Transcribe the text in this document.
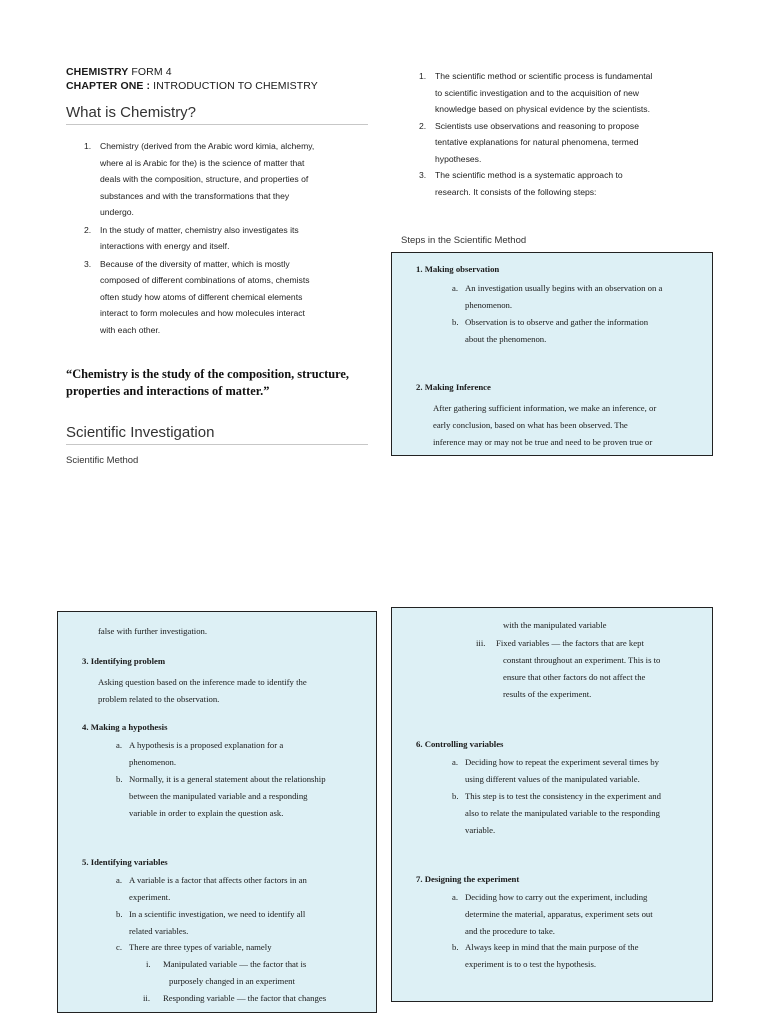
CHEMISTRY FORM 4
CHAPTER ONE : INTRODUCTION TO CHEMISTRY
What is Chemistry?
1. Chemistry (derived from the Arabic word kimia, alchemy,
where al is Arabic for the) is the science of matter that
deals with the composition, structure, and properties of
substances and with the transformations that they
undergo.
2. In the study of matter, chemistry also investigates its
interactions with energy and itself.
3. Because of the diversity of matter, which is mostly
composed of different combinations of atoms, chemists
often study how atoms of different chemical elements
interact to form molecules and how molecules interact
with each other.
“Chemistry is the study of the composition, structure,
properties and interactions of matter.”
Scientific Investigation
Scientific Method
1. The scientific method or scientific process is fundamental
to scientific investigation and to the acquisition of new
knowledge based on physical evidence by the scientists.
2. Scientists use observations and reasoning to propose
tentative explanations for natural phenomena, termed
hypotheses.
3. The scientific method is a systematic approach to
research. It consists of the following steps:
Steps in the Scientific Method
1. Making observation
a. An investigation usually begins with an observation on a
phenomenon.
b. Observation is to observe and gather the information
about the phenomenon.
2. Making Inference
After gathering sufficient information, we make an inference, or
early conclusion, based on what has been observed. The
inference may or may not be true and need to be proven true or
false with further investigation.
3. Identifying problem
Asking question based on the inference made to identify the
problem related to the observation.
4. Making a hypothesis
a. A hypothesis is a proposed explanation for a
phenomenon.
b. Normally, it is a general statement about the relationship
between the manipulated variable and a responding
variable in order to explain the question ask.
5. Identifying variables
a. A variable is a factor that affects other factors in an
experiment.
b. In a scientific investigation, we need to identify all
related variables.
c. There are three types of variable, namely
i. Manipulated variable — the factor that is
purposely changed in an experiment
ii. Responding variable — the factor that changes
with the manipulated variable
iii. Fixed variables — the factors that are kept
constant throughout an experiment. This is to
ensure that other factors do not affect the
results of the experiment.
6. Controlling variables
a. Deciding how to repeat the experiment several times by
using different values of the manipulated variable.
b. This step is to test the consistency in the experiment and
also to relate the manipulated variable to the responding
variable.
7. Designing the experiment
a. Deciding how to carry out the experiment, including
determine the material, apparatus, experiment sets out
and the procedure to take.
b. Always keep in mind that the main purpose of the
experiment is to o test the hypothesis.
